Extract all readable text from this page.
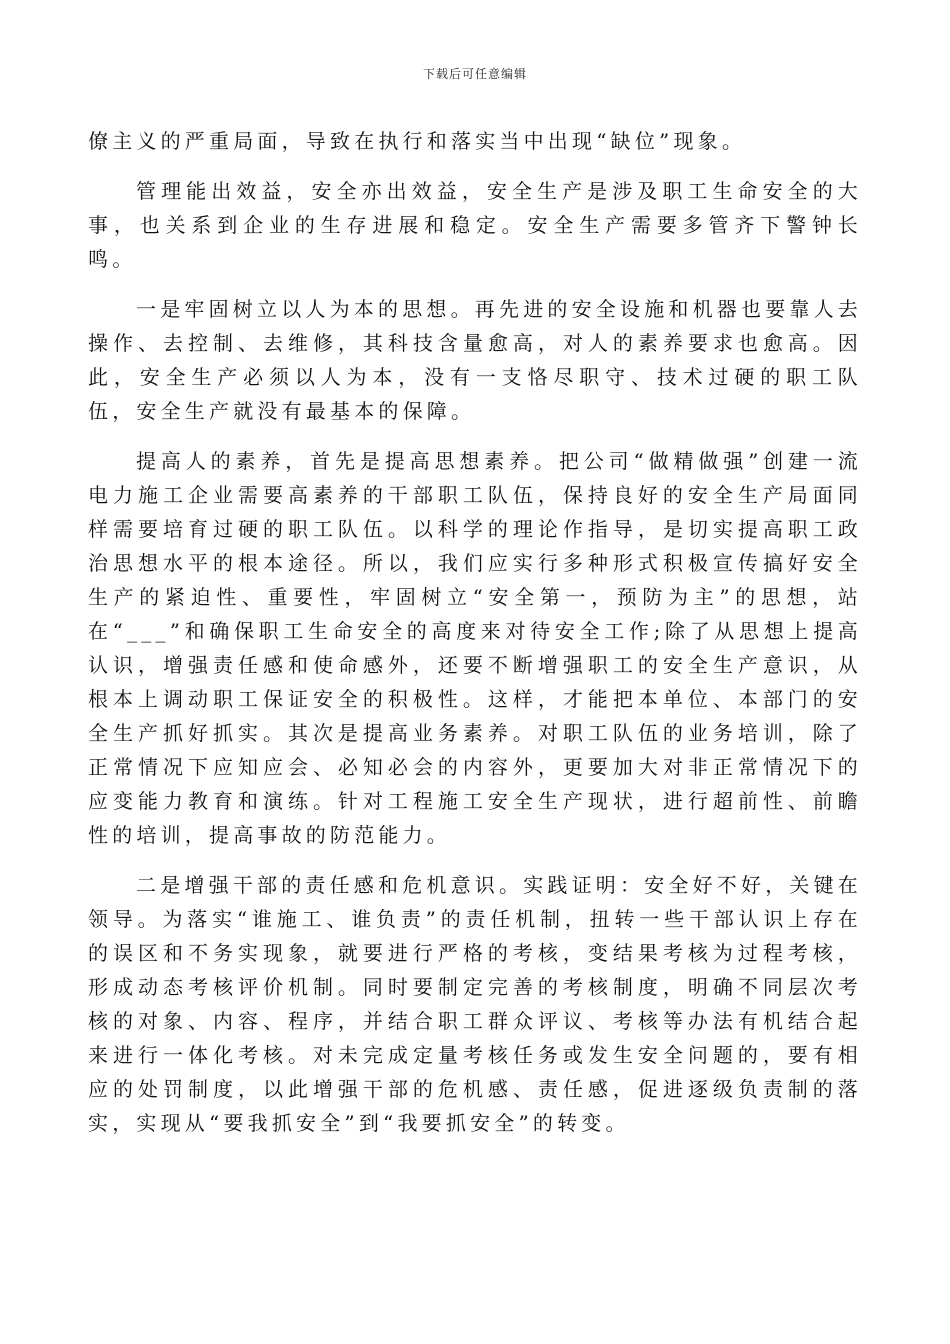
下载后可任意编辑

僚主义的严重局面，导致在执行和落实当中出现“缺位”现象。

管理能出效益，安全亦出效益，安全生产是涉及职工生命安全的大事，也关系到企业的生存进展和稳定。安全生产需要多管齐下警钟长鸣。

一是牢固树立以人为本的思想。再先进的安全设施和机器也要靠人去操作、去控制、去维修，其科技含量愈高，对人的素养要求也愈高。因此，安全生产必须以人为本，没有一支恪尽职守、技术过硬的职工队伍，安全生产就没有最基本的保障。

提高人的素养，首先是提高思想素养。把公司“做精做强”创建一流电力施工企业需要高素养的干部职工队伍，保持良好的安全生产局面同样需要培育过硬的职工队伍。以科学的理论作指导，是切实提高职工政治思想水平的根本途径。所以，我们应实行多种形式积极宣传搞好安全生产的紧迫性、重要性，牢固树立“安全第一，预防为主”的思想，站在“___”和确保职工生命安全的高度来对待安全工作;除了从思想上提高认识，增强责任感和使命感外，还要不断增强职工的安全生产意识，从根本上调动职工保证安全的积极性。这样，才能把本单位、本部门的安全生产抓好抓实。其次是提高业务素养。对职工队伍的业务培训，除了正常情况下应知应会、必知必会的内容外，更要加大对非正常情况下的应变能力教育和演练。针对工程施工安全生产现状，进行超前性、前瞻性的培训，提高事故的防范能力。

二是增强干部的责任感和危机意识。实践证明：安全好不好，关键在领导。为落实“谁施工、谁负责”的责任机制，扭转一些干部认识上存在的误区和不务实现象，就要进行严格的考核，变结果考核为过程考核，形成动态考核评价机制。同时要制定完善的考核制度，明确不同层次考核的对象、内容、程序，并结合职工群众评议、考核等办法有机结合起来进行一体化考核。对未完成定量考核任务或发生安全问题的，要有相应的处罚制度，以此增强干部的危机感、责任感，促进逐级负责制的落实，实现从“要我抓安全”到“我要抓安全”的转变。
